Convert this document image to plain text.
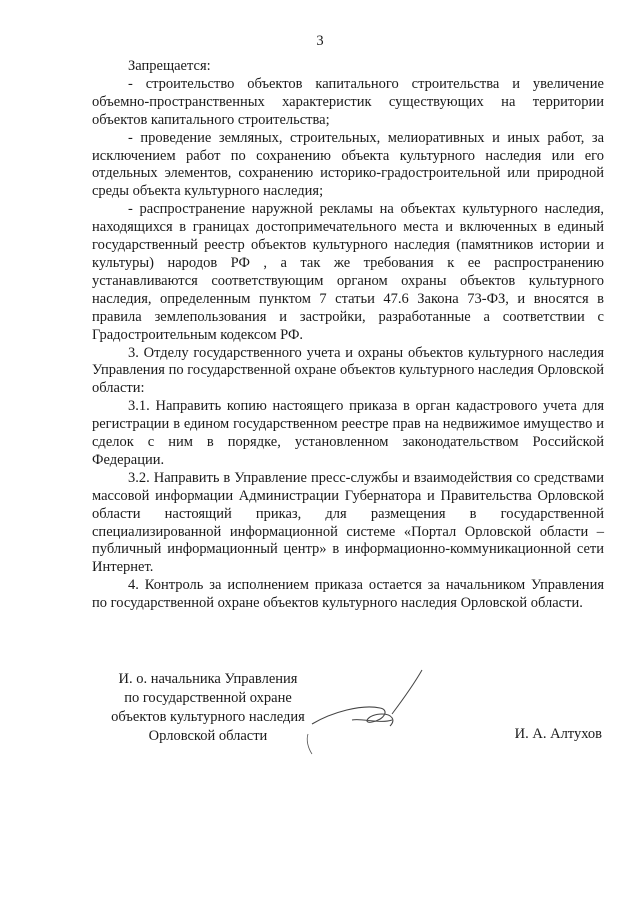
3

Запрещается:

- строительство объектов капитального строительства и увеличение объемно-пространственных характеристик существующих на территории объектов капитального строительства;

- проведение земляных, строительных, мелиоративных и иных работ, за исключением работ по сохранению объекта культурного наследия или его отдельных элементов, сохранению историко-градостроительной или природной среды объекта культурного наследия;

- распространение наружной рекламы на объектах культурного наследия, находящихся в границах достопримечательного места и включенных в единый государственный реестр объектов культурного наследия (памятников истории и культуры) народов РФ , а так же требования к ее распространению устанавливаются соответствующим органом охраны объектов культурного наследия, определенным пунктом 7 статьи 47.6 Закона 73-ФЗ, и вносятся в правила землепользования и застройки, разработанные а соответствии с Градостроительным кодексом РФ.

3. Отделу государственного учета и охраны объектов культурного наследия Управления по государственной охране объектов культурного наследия Орловской области:

3.1. Направить копию настоящего приказа в орган кадастрового учета для регистрации в едином государственном реестре прав на недвижимое имущество и сделок с ним в порядке, установленном законодательством Российской Федерации.

3.2. Направить в Управление пресс-службы и взаимодействия со средствами массовой информации Администрации Губернатора и Правительства Орловской области настоящий приказ, для размещения в государственной специализированной информационной системе «Портал Орловской области – публичный информационный центр» в информационно-коммуникационной сети Интернет.

4. Контроль за исполнением приказа остается за начальником Управления по государственной охране объектов культурного наследия Орловской области.

И. о. начальника Управления
по государственной охране
объектов культурного наследия
Орловской области	И. А. Алтухов
